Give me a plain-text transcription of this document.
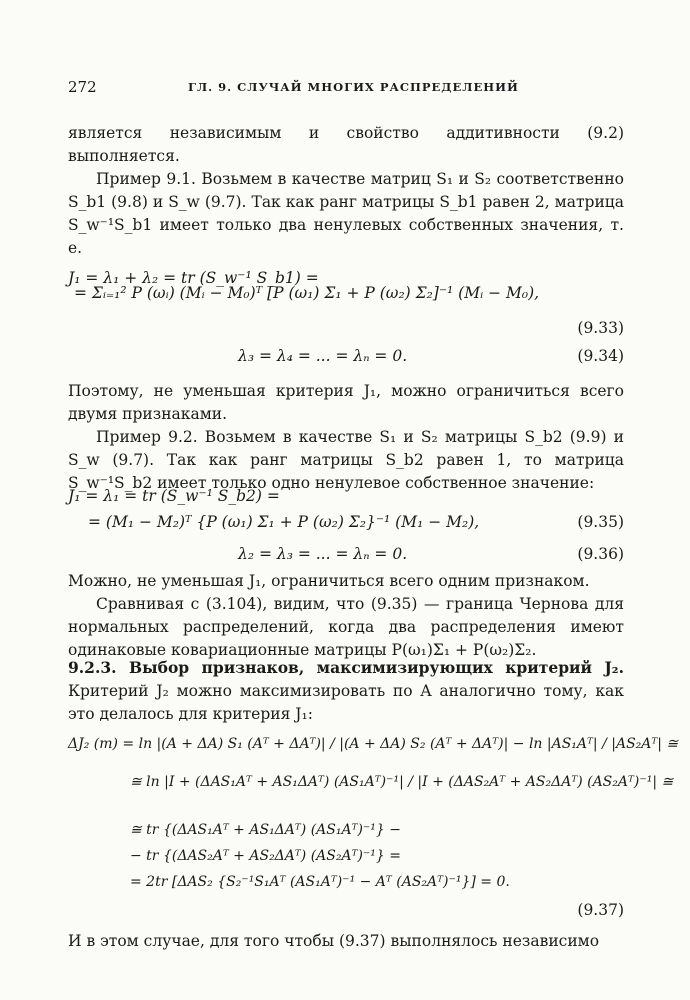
272	ГЛ. 9. СЛУЧАЙ МНОГИХ РАСПРЕДЕЛЕНИЙ
является независимым и свойство аддитивности (9.2) выполняется.
Пример 9.1. Возьмем в качестве матриц S₁ и S₂ соответственно S_b1 (9.8) и S_w (9.7). Так как ранг матрицы S_b1 равен 2, матрица S_w⁻¹S_b1 имеет только два ненулевых собственных значения, т. е.
J₁ = λ₁ + λ₂ = tr (S_w⁻¹ S_b1) =
= Σᵢ₌₁² P (ωᵢ) (Mᵢ − M₀)ᵀ [P (ω₁) Σ₁ + P (ω₂) Σ₂]⁻¹ (Mᵢ − M₀),
(9.33)
λ₃ = λ₄ = ... = λₙ = 0.	(9.34)
Поэтому, не уменьшая критерия J₁, можно ограничиться всего двумя признаками.
Пример 9.2. Возьмем в качестве S₁ и S₂ матрицы S_b2 (9.9) и S_w (9.7). Так как ранг матрицы S_b2 равен 1, то матрица S_w⁻¹S_b2 имеет только одно ненулевое собственное значение:
J₁ = λ₁ = tr (S_w⁻¹ S_b2) =
= (M₁ − M₂)ᵀ {P (ω₁) Σ₁ + P (ω₂) Σ₂}⁻¹ (M₁ − M₂),	(9.35)
λ₂ = λ₃ = ... = λₙ = 0.	(9.36)
Можно, не уменьшая J₁, ограничиться всего одним признаком.
Сравнивая с (3.104), видим, что (9.35) — граница Чернова для нормальных распределений, когда два распределения имеют одинаковые ковариационные матрицы P(ω₁)Σ₁ + P(ω₂)Σ₂.
9.2.3. Выбор признаков, максимизирующих критерий J₂. Критерий J₂ можно максимизировать по A аналогично тому, как это делалось для критерия J₁:
ΔJ₂ (m) = ln |(A + ΔA) S₁ (Aᵀ + ΔAᵀ)| / |(A + ΔA) S₂ (Aᵀ + ΔAᵀ)| − ln |AS₁Aᵀ| / |AS₂Aᵀ| ≅
≅ ln |I + (ΔAS₁Aᵀ + AS₁ΔAᵀ) (AS₁Aᵀ)⁻¹| / |I + (ΔAS₂Aᵀ + AS₂ΔAᵀ) (AS₂Aᵀ)⁻¹| ≅
≅ tr {(ΔAS₁Aᵀ + AS₁ΔAᵀ) (AS₁Aᵀ)⁻¹} −
− tr {(ΔAS₂Aᵀ + AS₂ΔAᵀ) (AS₂Aᵀ)⁻¹} =
= 2tr [ΔAS₂ {S₂⁻¹S₁Aᵀ (AS₁Aᵀ)⁻¹ − Aᵀ (AS₂Aᵀ)⁻¹}] = 0.
(9.37)
И в этом случае, для того чтобы (9.37) выполнялось независимо
